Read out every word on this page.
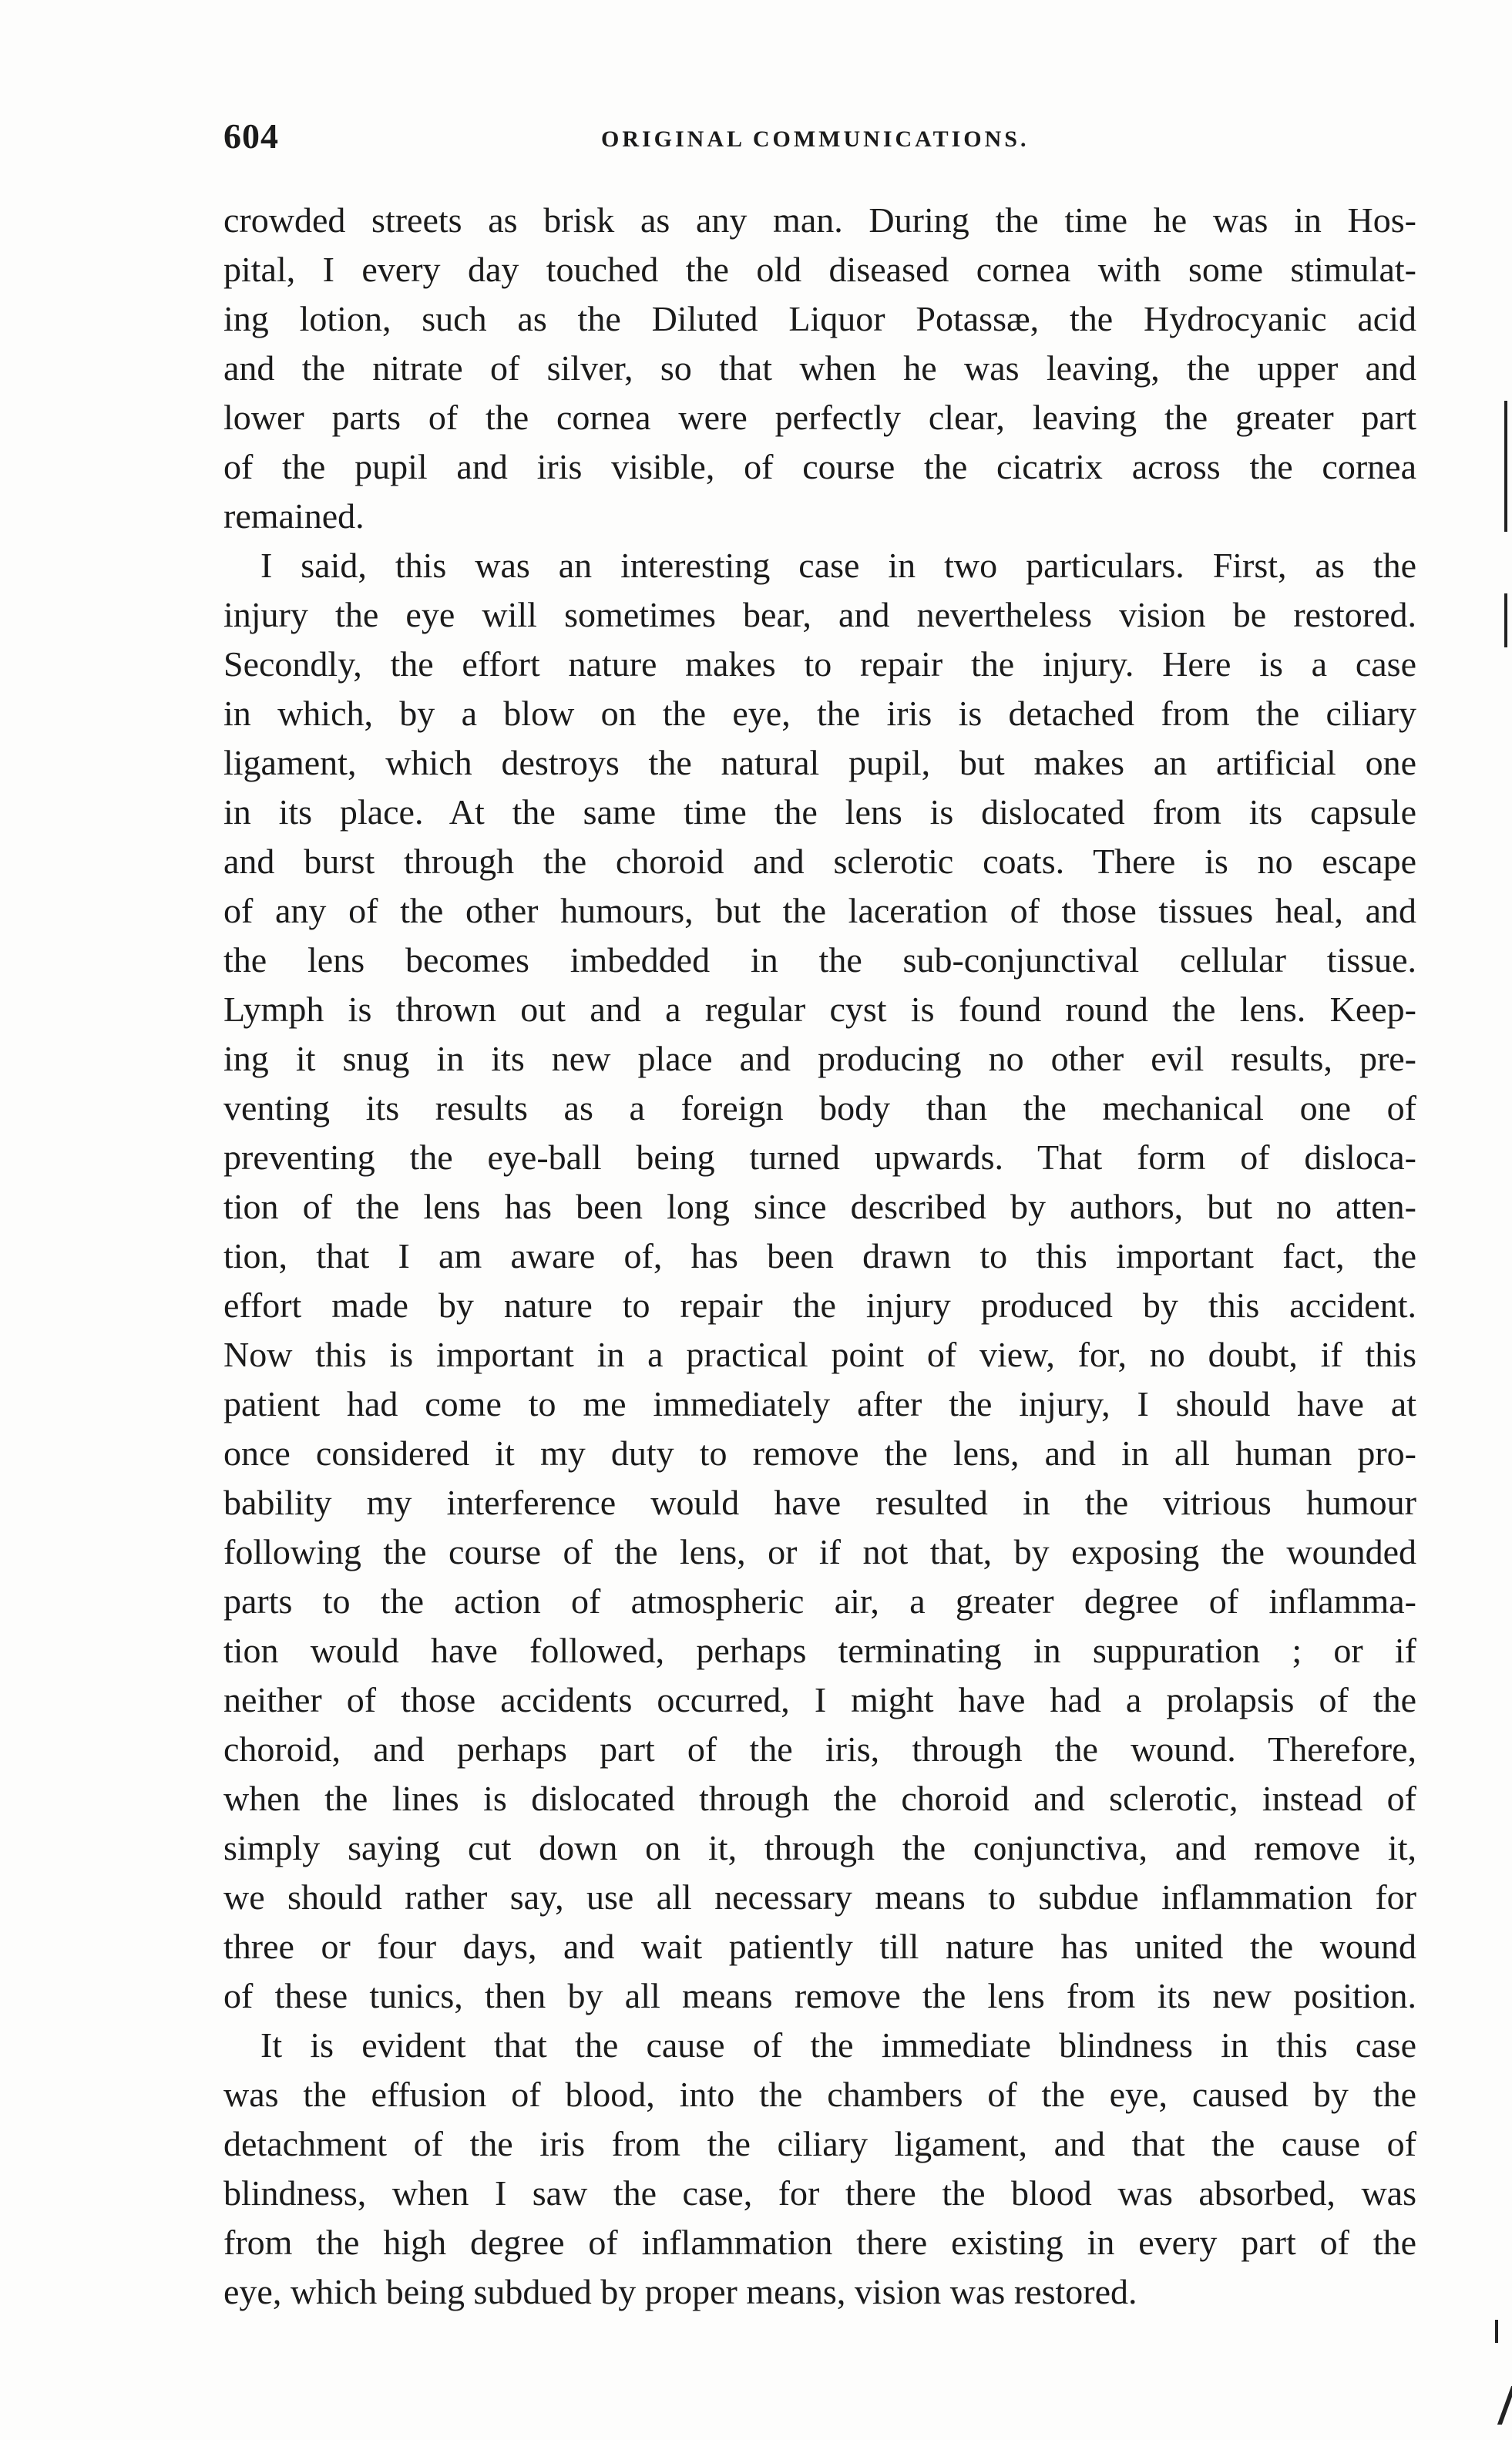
604	ORIGINAL COMMUNICATIONS.
crowded streets as brisk as any man. During the time he was in Hos-
pital, I every day touched the old diseased cornea with some stimulat-
ing lotion, such as the Diluted Liquor Potassæ, the Hydrocyanic acid
and the nitrate of silver, so that when he was leaving, the upper and
lower parts of the cornea were perfectly clear, leaving the greater part
of the pupil and iris visible, of course the cicatrix across the cornea
remained.
I said, this was an interesting case in two particulars. First, as the
injury the eye will sometimes bear, and nevertheless vision be restored.
Secondly, the effort nature makes to repair the injury. Here is a case
in which, by a blow on the eye, the iris is detached from the ciliary
ligament, which destroys the natural pupil, but makes an artificial one
in its place. At the same time the lens is dislocated from its capsule
and burst through the choroid and sclerotic coats. There is no escape
of any of the other humours, but the laceration of those tissues heal, and
the lens becomes imbedded in the sub-conjunctival cellular tissue.
Lymph is thrown out and a regular cyst is found round the lens. Keep-
ing it snug in its new place and producing no other evil results, pre-
venting its results as a foreign body than the mechanical one of
preventing the eye-ball being turned upwards. That form of disloca-
tion of the lens has been long since described by authors, but no atten-
tion, that I am aware of, has been drawn to this important fact, the
effort made by nature to repair the injury produced by this accident.
Now this is important in a practical point of view, for, no doubt, if this
patient had come to me immediately after the injury, I should have at
once considered it my duty to remove the lens, and in all human pro-
bability my interference would have resulted in the vitrious humour
following the course of the lens, or if not that, by exposing the wounded
parts to the action of atmospheric air, a greater degree of inflamma-
tion would have followed, perhaps terminating in suppuration ; or if
neither of those accidents occurred, I might have had a prolapsis of the
choroid, and perhaps part of the iris, through the wound. Therefore,
when the lines is dislocated through the choroid and sclerotic, instead of
simply saying cut down on it, through the conjunctiva, and remove it,
we should rather say, use all necessary means to subdue inflammation for
three or four days, and wait patiently till nature has united the wound
of these tunics, then by all means remove the lens from its new position.
It is evident that the cause of the immediate blindness in this case
was the effusion of blood, into the chambers of the eye, caused by the
detachment of the iris from the ciliary ligament, and that the cause of
blindness, when I saw the case, for there the blood was absorbed, was
from the high degree of inflammation there existing in every part of the
eye, which being subdued by proper means, vision was restored.
